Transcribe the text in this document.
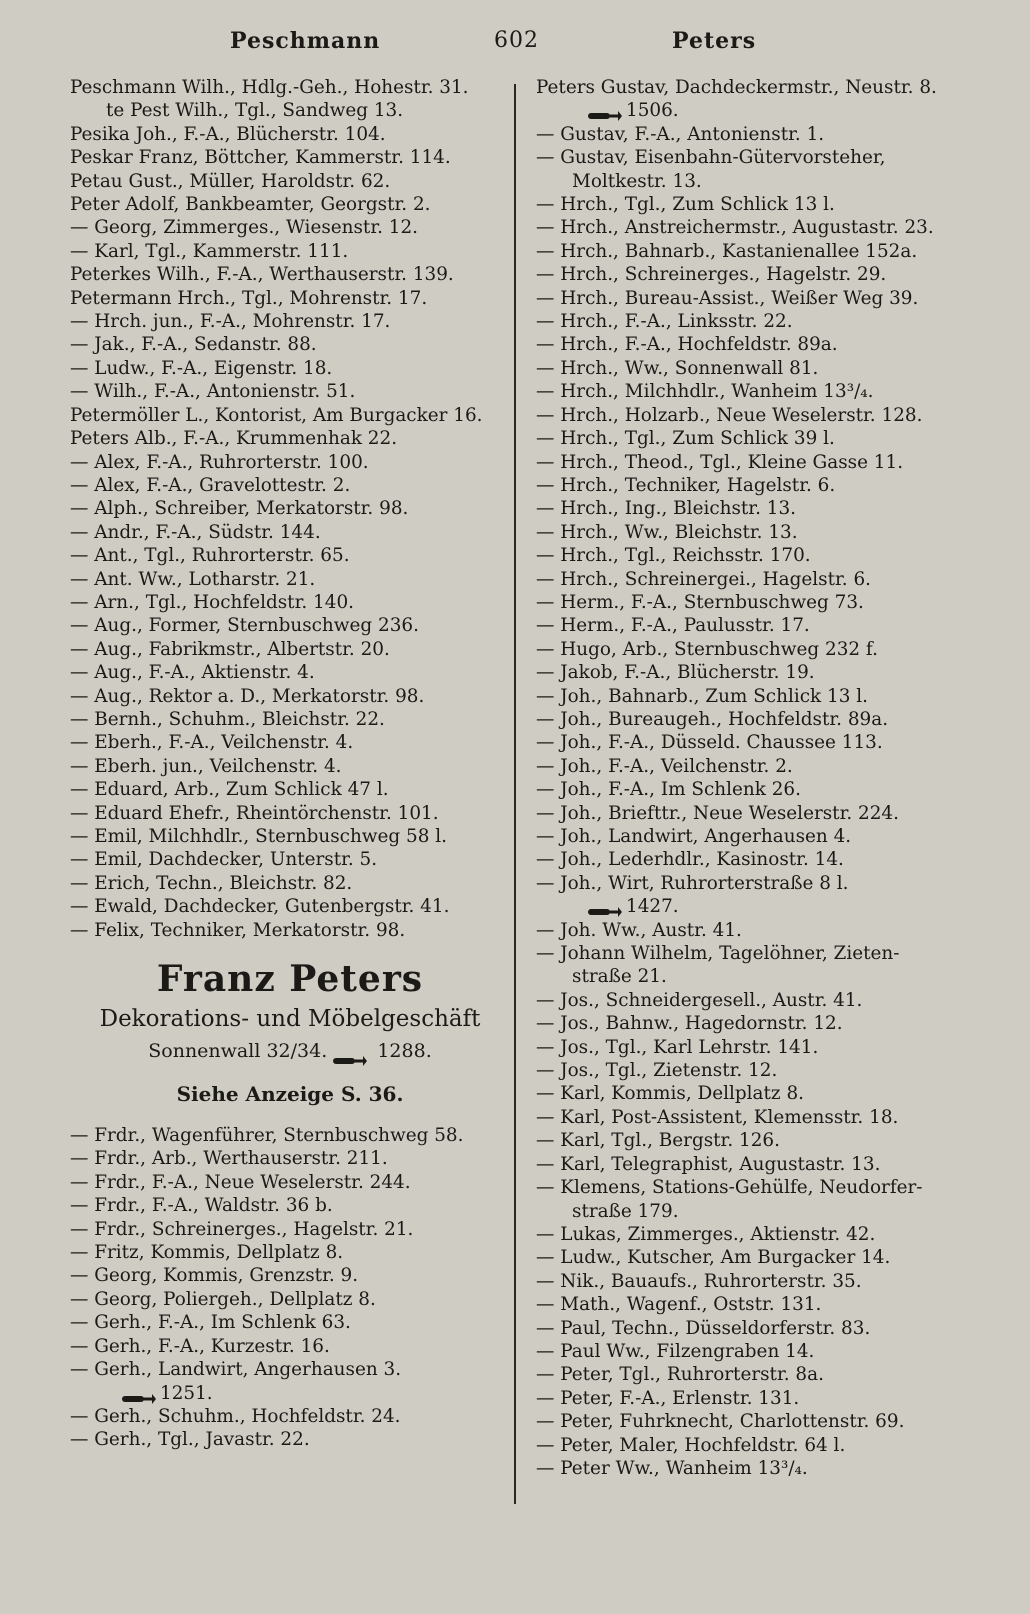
Peschmann	602	Peters
Peschmann Wilh., Hdlg.-Geh., Hohestr. 31.
te Pest Wilh., Tgl., Sandweg 13.
Pesika Joh., F.-A., Blücherstr. 104.
Peskar Franz, Böttcher, Kammerstr. 114.
Petau Gust., Müller, Haroldstr. 62.
Peter Adolf, Bankbeamter, Georgstr. 2.
— Georg, Zimmerges., Wiesenstr. 12.
— Karl, Tgl., Kammerstr. 111.
Peterkes Wilh., F.-A., Werthauserstr. 139.
Petermann Hrch., Tgl., Mohrenstr. 17.
— Hrch. jun., F.-A., Mohrenstr. 17.
— Jak., F.-A., Sedanstr. 88.
— Ludw., F.-A., Eigenstr. 18.
— Wilh., F.-A., Antonienstr. 51.
Petermöller L., Kontorist, Am Burgacker 16.
Peters Alb., F.-A., Krummenhak 22.
— Alex, F.-A., Ruhrorterstr. 100.
— Alex, F.-A., Gravelottestr. 2.
— Alph., Schreiber, Merkatorstr. 98.
— Andr., F.-A., Südstr. 144.
— Ant., Tgl., Ruhrorterstr. 65.
— Ant. Ww., Lotharstr. 21.
— Arn., Tgl., Hochfeldstr. 140.
— Aug., Former, Sternbuschweg 236.
— Aug., Fabrikmstr., Albertstr. 20.
— Aug., F.-A., Aktienstr. 4.
— Aug., Rektor a. D., Merkatorstr. 98.
— Bernh., Schuhm., Bleichstr. 22.
— Eberh., F.-A., Veilchenstr. 4.
— Eberh. jun., Veilchenstr. 4.
— Eduard, Arb., Zum Schlick 47 l.
— Eduard Ehefr., Rheintörchenstr. 101.
— Emil, Milchhdlr., Sternbuschweg 58 l.
— Emil, Dachdecker, Unterstr. 5.
— Erich, Techn., Bleichstr. 82.
— Ewald, Dachdecker, Gutenbergstr. 41.
— Felix, Techniker, Merkatorstr. 98.
Franz Peters
Dekorations- und Möbelgeschäft
Sonnenwall 32/34.	1288.
Siehe Anzeige S. 36.
— Frdr., Wagenführer, Sternbuschweg 58.
— Frdr., Arb., Werthauserstr. 211.
— Frdr., F.-A., Neue Weselerstr. 244.
— Frdr., F.-A., Waldstr. 36 b.
— Frdr., Schreinerges., Hagelstr. 21.
— Fritz, Kommis, Dellplatz 8.
— Georg, Kommis, Grenzstr. 9.
— Georg, Poliergeh., Dellplatz 8.
— Gerh., F.-A., Im Schlenk 63.
— Gerh., F.-A., Kurzestr. 16.
— Gerh., Landwirt, Angerhausen 3.
1251.
— Gerh., Schuhm., Hochfeldstr. 24.
— Gerh., Tgl., Javastr. 22.
Peters Gustav, Dachdeckermstr., Neustr. 8.
1506.
— Gustav, F.-A., Antonienstr. 1.
— Gustav, Eisenbahn-Gütervorsteher,
Moltkestr. 13.
— Hrch., Tgl., Zum Schlick 13 l.
— Hrch., Anstreichermstr., Augustastr. 23.
— Hrch., Bahnarb., Kastanienallee 152a.
— Hrch., Schreinerges., Hagelstr. 29.
— Hrch., Bureau-Assist., Weißer Weg 39.
— Hrch., F.-A., Linksstr. 22.
— Hrch., F.-A., Hochfeldstr. 89a.
— Hrch., Ww., Sonnenwall 81.
— Hrch., Milchhdlr., Wanheim 13³/₄.
— Hrch., Holzarb., Neue Weselerstr. 128.
— Hrch., Tgl., Zum Schlick 39 l.
— Hrch., Theod., Tgl., Kleine Gasse 11.
— Hrch., Techniker, Hagelstr. 6.
— Hrch., Ing., Bleichstr. 13.
— Hrch., Ww., Bleichstr. 13.
— Hrch., Tgl., Reichsstr. 170.
— Hrch., Schreinergei., Hagelstr. 6.
— Herm., F.-A., Sternbuschweg 73.
— Herm., F.-A., Paulusstr. 17.
— Hugo, Arb., Sternbuschweg 232 f.
— Jakob, F.-A., Blücherstr. 19.
— Joh., Bahnarb., Zum Schlick 13 l.
— Joh., Bureaugeh., Hochfeldstr. 89a.
— Joh., F.-A., Düsseld. Chaussee 113.
— Joh., F.-A., Veilchenstr. 2.
— Joh., F.-A., Im Schlenk 26.
— Joh., Briefttr., Neue Weselerstr. 224.
— Joh., Landwirt, Angerhausen 4.
— Joh., Lederhdlr., Kasinostr. 14.
— Joh., Wirt, Ruhrorterstraße 8 l.
1427.
— Joh. Ww., Austr. 41.
— Johann Wilhelm, Tagelöhner, Zieten-
straße 21.
— Jos., Schneidergesell., Austr. 41.
— Jos., Bahnw., Hagedornstr. 12.
— Jos., Tgl., Karl Lehrstr. 141.
— Jos., Tgl., Zietenstr. 12.
— Karl, Kommis, Dellplatz 8.
— Karl, Post-Assistent, Klemensstr. 18.
— Karl, Tgl., Bergstr. 126.
— Karl, Telegraphist, Augustastr. 13.
— Klemens, Stations-Gehülfe, Neudorfer-
straße 179.
— Lukas, Zimmerges., Aktienstr. 42.
— Ludw., Kutscher, Am Burgacker 14.
— Nik., Bauaufs., Ruhrorterstr. 35.
— Math., Wagenf., Oststr. 131.
— Paul, Techn., Düsseldorferstr. 83.
— Paul Ww., Filzengraben 14.
— Peter, Tgl., Ruhrorterstr. 8a.
— Peter, F.-A., Erlenstr. 131.
— Peter, Fuhrknecht, Charlottenstr. 69.
— Peter, Maler, Hochfeldstr. 64 l.
— Peter Ww., Wanheim 13³/₄.
